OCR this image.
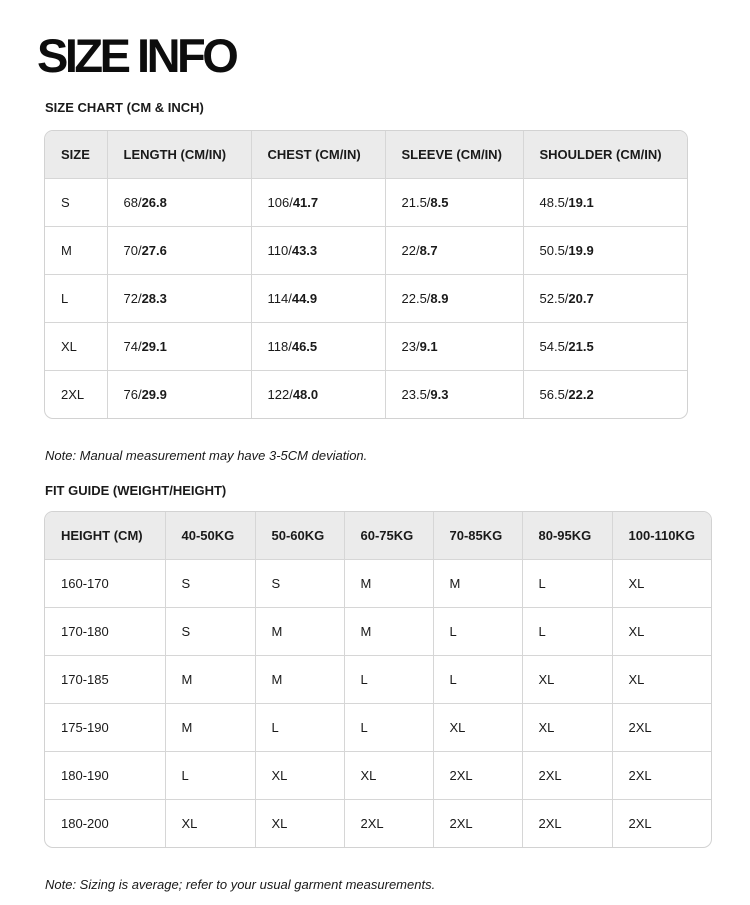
SIZE INFO
SIZE CHART (CM & INCH)
SIZE	LENGTH (CM/IN)	CHEST (CM/IN)	SLEEVE (CM/IN)	SHOULDER (CM/IN)
S	68/26.8	106/41.7	21.5/8.5	48.5/19.1
M	70/27.6	110/43.3	22/8.7	50.5/19.9
L	72/28.3	114/44.9	22.5/8.9	52.5/20.7
XL	74/29.1	118/46.5	23/9.1	54.5/21.5
2XL	76/29.9	122/48.0	23.5/9.3	56.5/22.2

Note: Manual measurement may have 3-5CM deviation.

FIT GUIDE (WEIGHT/HEIGHT)
HEIGHT (CM)	40-50KG	50-60KG	60-75KG	70-85KG	80-95KG	100-110KG
160-170	S	S	M	M	L	XL
170-180	S	M	M	L	L	XL
170-185	M	M	L	L	XL	XL
175-190	M	L	L	XL	XL	2XL
180-190	L	XL	XL	2XL	2XL	2XL
180-200	XL	XL	2XL	2XL	2XL	2XL

Note: Sizing is average; refer to your usual garment measurements.
